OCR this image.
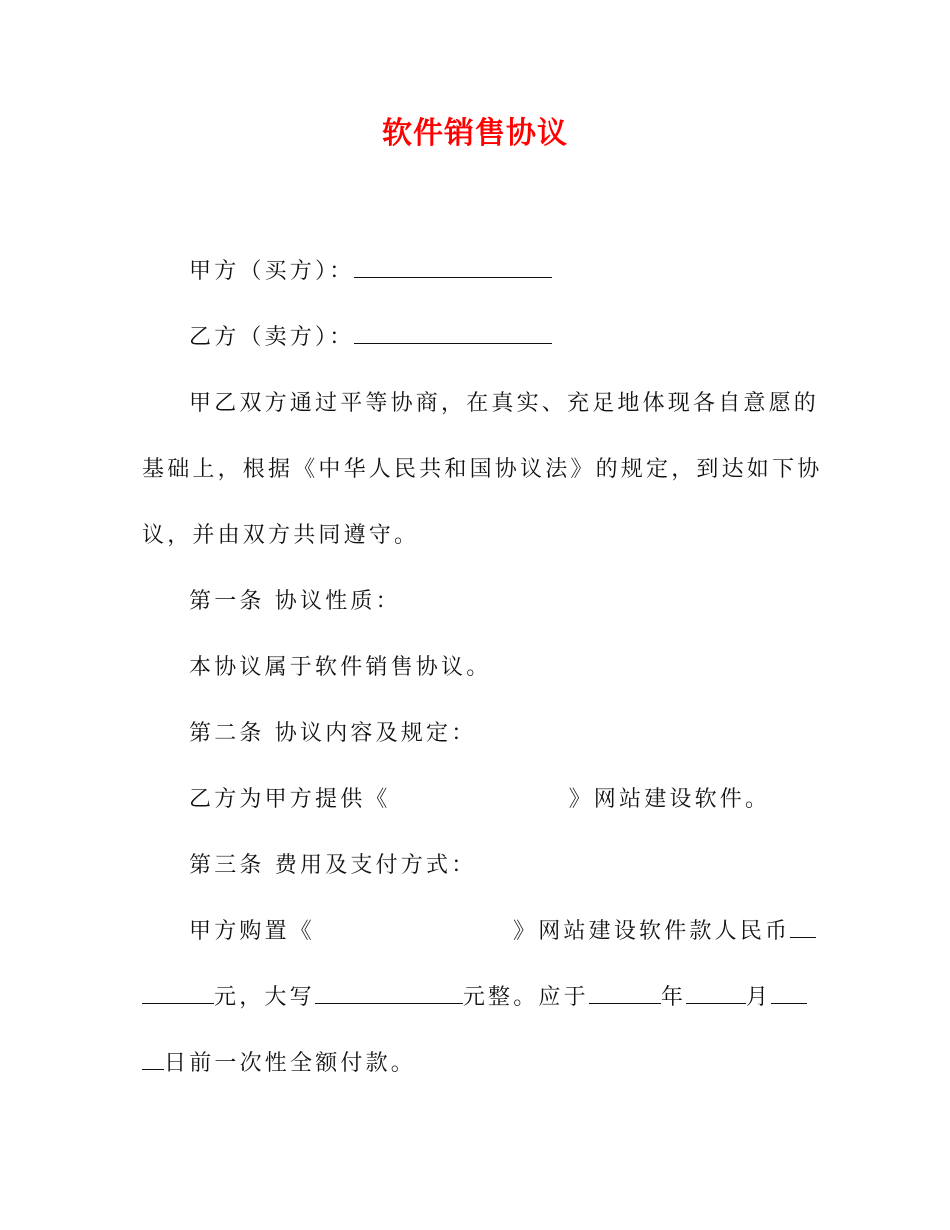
软件销售协议
甲方（买方）：
乙方（卖方）：
甲乙双方通过平等协商，在真实、充足地体现各自意愿的
基础上，根据《中华人民共和国协议法》的规定，到达如下协
议，并由双方共同遵守。
第一条 协议性质：
本协议属于软件销售协议。
第二条 协议内容及规定：
乙方为甲方提供《	》网站建设软件。
第三条 费用及支付方式：
甲方购置《	》网站建设软件款人民币
元，大写	元整。应于	年	月
日前一次性全额付款。
